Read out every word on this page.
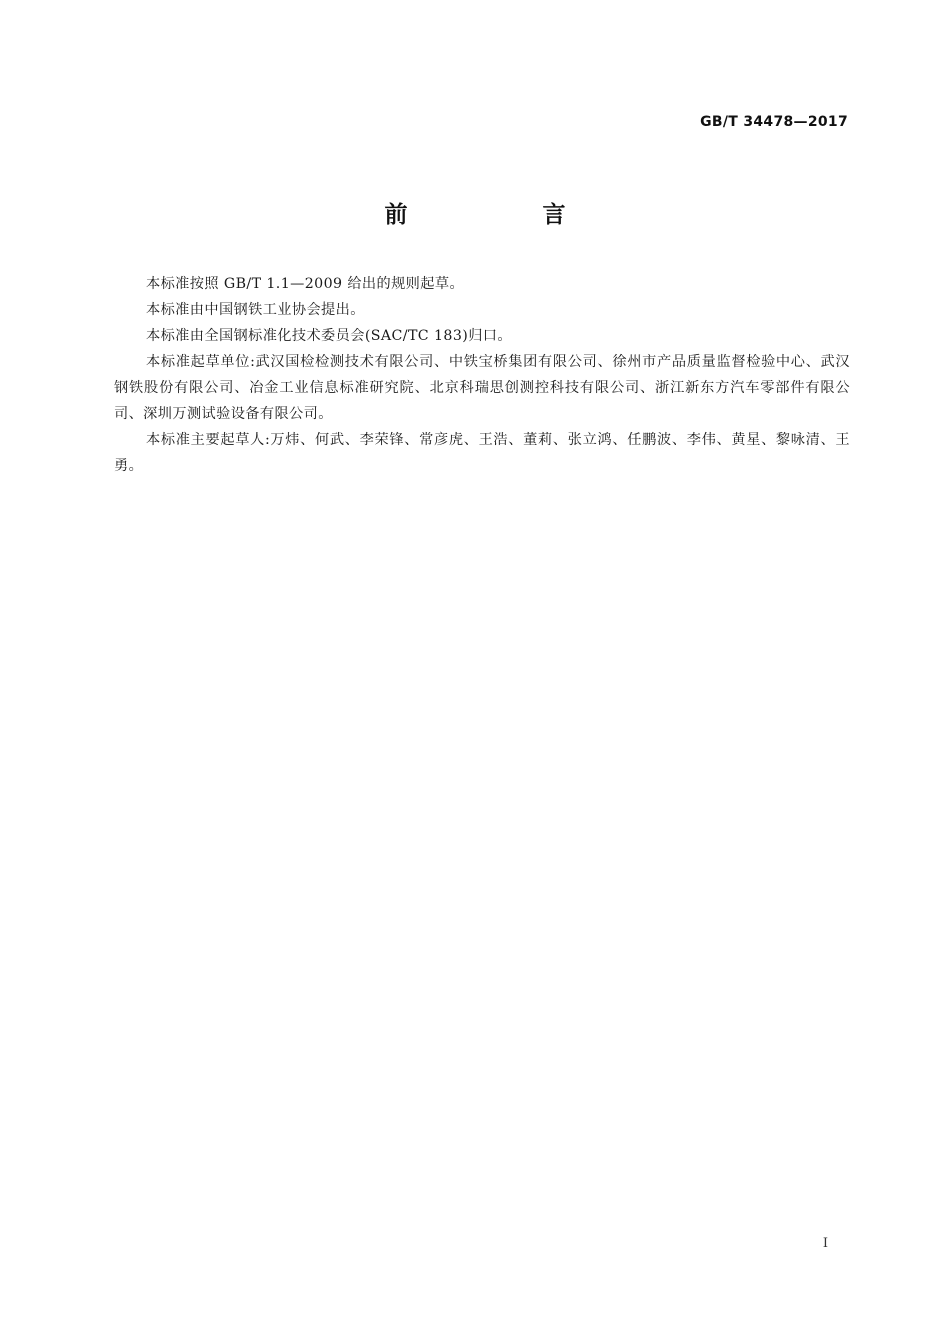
GB/T 34478—2017
前　言

本标准按照 GB/T 1.1—2009 给出的规则起草。

本标准由中国钢铁工业协会提出。

本标准由全国钢标准化技术委员会(SAC/TC 183)归口。

本标准起草单位:武汉国检检测技术有限公司、中铁宝桥集团有限公司、徐州市产品质量监督检验中心、武汉钢铁股份有限公司、冶金工业信息标准研究院、北京科瑞思创测控科技有限公司、浙江新东方汽车零部件有限公司、深圳万测试验设备有限公司。

本标准主要起草人:万炜、何武、李荣锋、常彦虎、王浩、董莉、张立鸿、任鹏波、李伟、黄星、黎咏清、王勇。

I
